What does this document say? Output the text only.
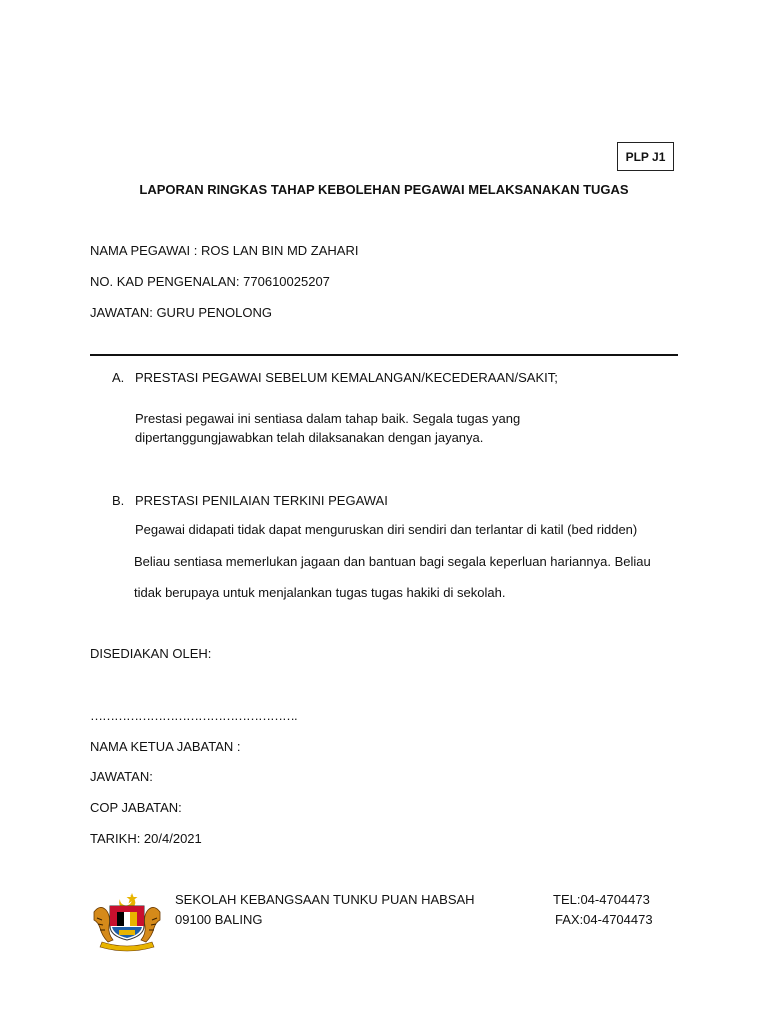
PLP J1
LAPORAN RINGKAS TAHAP KEBOLEHAN PEGAWAI MELAKSANAKAN TUGAS
NAMA PEGAWAI : ROS LAN BIN MD ZAHARI
NO. KAD PENGENALAN: 770610025207
JAWATAN: GURU PENOLONG
A. PRESTASI PEGAWAI SEBELUM KEMALANGAN/KECEDERAAN/SAKIT;
Prestasi pegawai ini sentiasa dalam tahap baik. Segala tugas yang
dipertanggungjawabkan telah dilaksanakan dengan jayanya.
B. PRESTASI PENILAIAN TERKINI PEGAWAI
Pegawai didapati tidak dapat menguruskan diri sendiri dan terlantar di katil (bed ridden)
Beliau sentiasa memerlukan jagaan dan bantuan bagi segala keperluan hariannya. Beliau
tidak berupaya untuk menjalankan tugas tugas hakiki di sekolah.
DISEDIAKAN OLEH:
…………………………………………….
NAMA KETUA JABATAN :
JAWATAN:
COP JABATAN:
TARIKH: 20/4/2021
SEKOLAH KEBANGSAAN TUNKU PUAN HABSAH
09100 BALING
TEL:04-4704473
FAX:04-4704473
